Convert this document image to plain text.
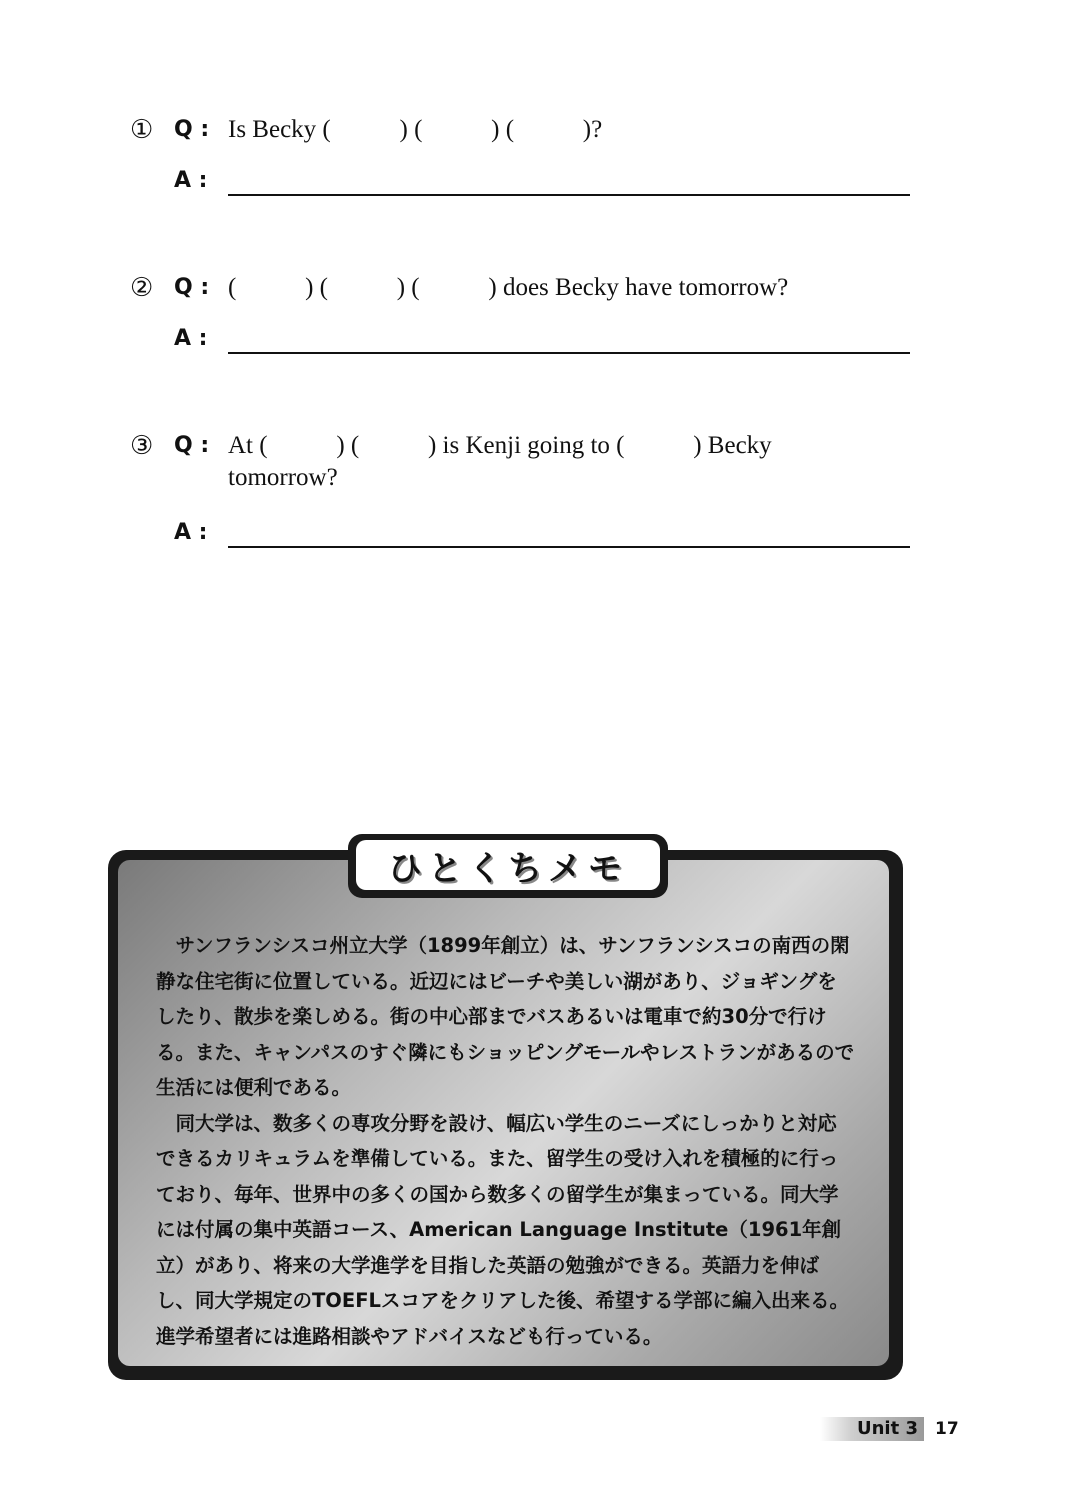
① Q : Is Becky (           ) (           ) (           )?
A :
② Q : (           ) (           ) (           ) does Becky have tomorrow?
A :
③ Q : At (           ) (           ) is Kenji going to (           ) Becky
tomorrow?
A :
ひとくちメモ

サンフランシスコ州立大学（1899年創立）は、サンフランシスコの南西の閑静な住宅街に位置している。近辺にはビーチや美しい湖があり、ジョギングをしたり、散歩を楽しめる。街の中心部までバスあるいは電車で約30分で行ける。また、キャンパスのすぐ隣にもショッピングモールやレストランがあるので生活には便利である。

同大学は、数多くの専攻分野を設け、幅広い学生のニーズにしっかりと対応できるカリキュラムを準備している。また、留学生の受け入れを積極的に行っており、毎年、世界中の多くの国から数多くの留学生が集まっている。同大学には付属の集中英語コース、American Language Institute（1961年創立）があり、将来の大学進学を目指した英語の勉強ができる。英語力を伸ばし、同大学規定のTOEFLスコアをクリアした後、希望する学部に編入出来る。進学希望者には進路相談やアドバイスなども行っている。

Unit 3	17
